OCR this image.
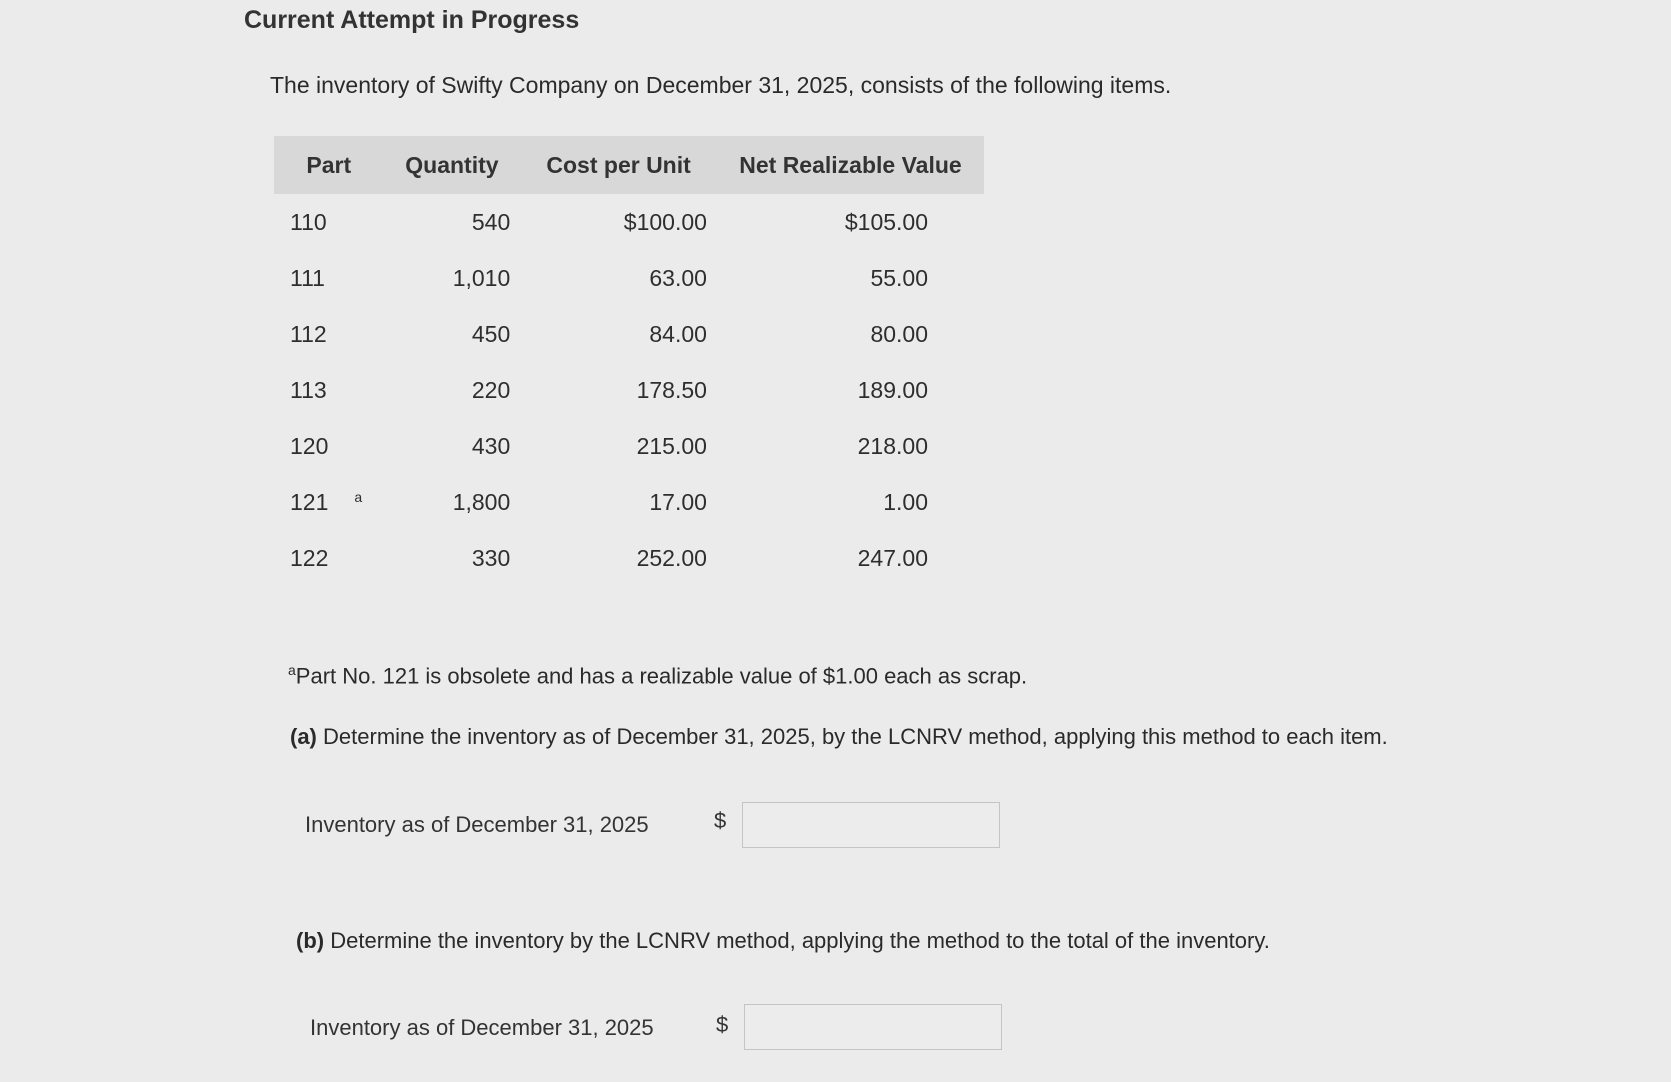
Current Attempt in Progress
The inventory of Swifty Company on December 31, 2025, consists of the following items.
Part	Quantity	Cost per Unit	Net Realizable Value
110	540	$100.00	$105.00
111	1,010	63.00	55.00
112	450	84.00	80.00
113	220	178.50	189.00
120	430	215.00	218.00
121 $^a$	1,800	17.00	1.00
122	330	252.00	247.00
$^a$Part No. 121 is obsolete and has a realizable value of $1.00 each as scrap.
(a) Determine the inventory as of December 31, 2025, by the LCNRV method, applying this method to each item.
Inventory as of December 31, 2025	$
(b) Determine the inventory by the LCNRV method, applying the method to the total of the inventory.
Inventory as of December 31, 2025	$
